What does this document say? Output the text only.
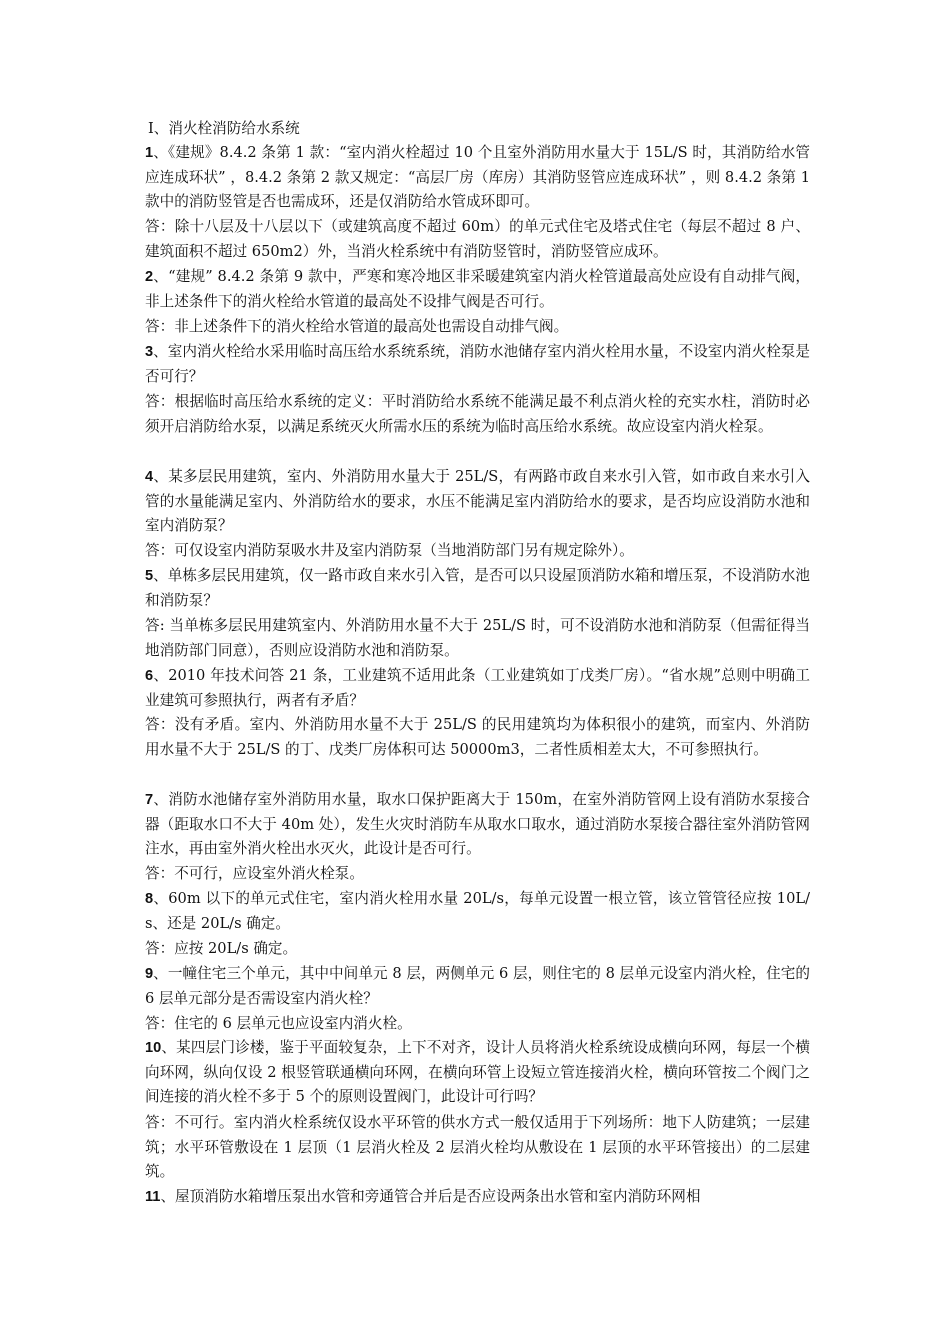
Ⅰ、消火栓消防给水系统
1、《建规》8.4.2 条第 1 款：“室内消火栓超过 10 个且室外消防用水量大于 15L/S 时，其消防给水管应连成环状” ，8.4.2 条第 2 款又规定：“高层厂房（库房）其消防竖管应连成环状” ，则 8.4.2 条第 1 款中的消防竖管是否也需成环，还是仅消防给水管成环即可。
答：除十八层及十八层以下（或建筑高度不超过 60m）的单元式住宅及塔式住宅（每层不超过 8 户、建筑面积不超过 650m2）外，当消火栓系统中有消防竖管时，消防竖管应成环。
2、“建规” 8.4.2 条第 9 款中，严寒和寒冷地区非采暖建筑室内消火栓管道最高处应设有自动排气阀，非上述条件下的消火栓给水管道的最高处不设排气阀是否可行。
答：非上述条件下的消火栓给水管道的最高处也需设自动排气阀。
3、室内消火栓给水采用临时高压给水系统系统，消防水池储存室内消火栓用水量，不设室内消火栓泵是否可行？
答：根据临时高压给水系统的定义：平时消防给水系统不能满足最不利点消火栓的充实水柱，消防时必须开启消防给水泵，以满足系统灭火所需水压的系统为临时高压给水系统。故应设室内消火栓泵。
4、某多层民用建筑，室内、外消防用水量大于 25L/S，有两路市政自来水引入管，如市政自来水引入管的水量能满足室内、外消防给水的要求，水压不能满足室内消防给水的要求，是否均应设消防水池和室内消防泵？
答：可仅设室内消防泵吸水井及室内消防泵（当地消防部门另有规定除外）。
5、单栋多层民用建筑，仅一路市政自来水引入管，是否可以只设屋顶消防水箱和增压泵，不设消防水池和消防泵？
答: 当单栋多层民用建筑室内、外消防用水量不大于 25L/S 时，可不设消防水池和消防泵（但需征得当地消防部门同意），否则应设消防水池和消防泵。
6、2010 年技术问答 21 条，工业建筑不适用此条（工业建筑如丁戊类厂房）。“省水规”总则中明确工业建筑可参照执行，两者有矛盾？
答：没有矛盾。室内、外消防用水量不大于 25L/S 的民用建筑均为体积很小的建筑，而室内、外消防用水量不大于 25L/S 的丁、戊类厂房体积可达 50000m3，二者性质相差太大，不可参照执行。
7、消防水池储存室外消防用水量，取水口保护距离大于 150m，在室外消防管网上设有消防水泵接合器（距取水口不大于 40m 处），发生火灾时消防车从取水口取水，通过消防水泵接合器往室外消防管网注水，再由室外消火栓出水灭火，此设计是否可行。
答：不可行，应设室外消火栓泵。
8、60m 以下的单元式住宅，室内消火栓用水量 20L/s，每单元设置一根立管，该立管管径应按 10L/s、还是 20L/s 确定。
答：应按 20L/s 确定。
9、一幢住宅三个单元，其中中间单元 8 层，两侧单元 6 层，则住宅的 8 层单元设室内消火栓，住宅的 6 层单元部分是否需设室内消火栓？
答：住宅的 6 层单元也应设室内消火栓。
10、某四层门诊楼，鉴于平面较复杂，上下不对齐，设计人员将消火栓系统设成横向环网，每层一个横向环网，纵向仅设 2 根竖管联通横向环网，在横向环管上设短立管连接消火栓，横向环管按二个阀门之间连接的消火栓不多于 5 个的原则设置阀门，此设计可行吗？
答：不可行。室内消火栓系统仅设水平环管的供水方式一般仅适用于下列场所：地下人防建筑；一层建筑；水平环管敷设在 1 层顶（1 层消火栓及 2 层消火栓均从敷设在 1 层顶的水平环管接出）的二层建筑。
11、屋顶消防水箱增压泵出水管和旁通管合并后是否应设两条出水管和室内消防环网相
